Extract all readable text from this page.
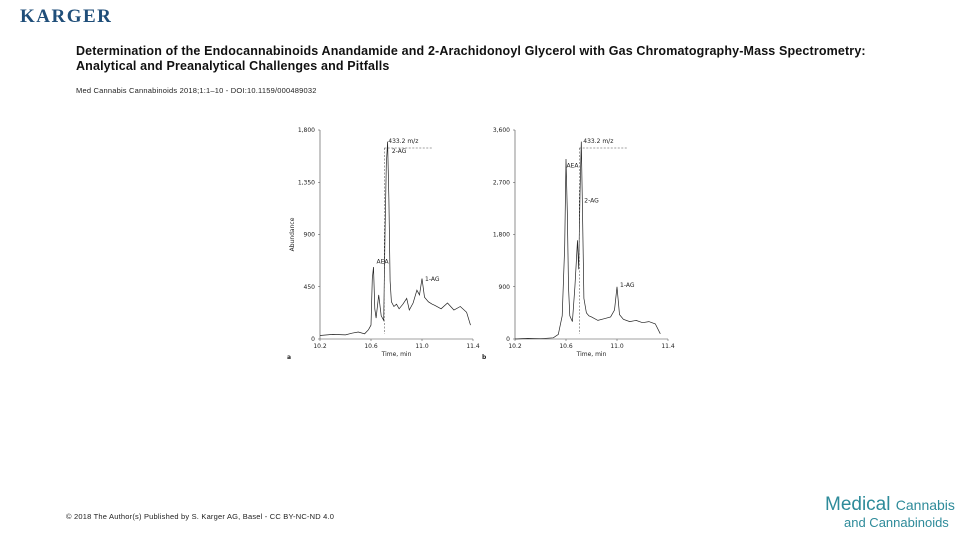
KARGER
Determination of the Endocannabinoids Anandamide and 2-Arachidonoyl Glycerol with Gas Chromatography-Mass Spectrometry: Analytical and Preanalytical Challenges and Pitfalls
Med Cannabis Cannabinoids 2018;1:1–10 - DOI:10.1159/000489032
0
450
900
1,350
1,800
10.2	10.6	11.0	11.4
Time, min
Abundance
a
433.2 m/z
2-AG
AEA
1-AG
0
900
1,800
2,700
3,600
10.2	10.6	11.0	11.4
Time, min
b
433.2 m/z
AEA
2-AG
1-AG
© 2018 The Author(s) Published by S. Karger AG, Basel - CC BY-NC-ND 4.0
Medical Cannabis
and Cannabinoids
